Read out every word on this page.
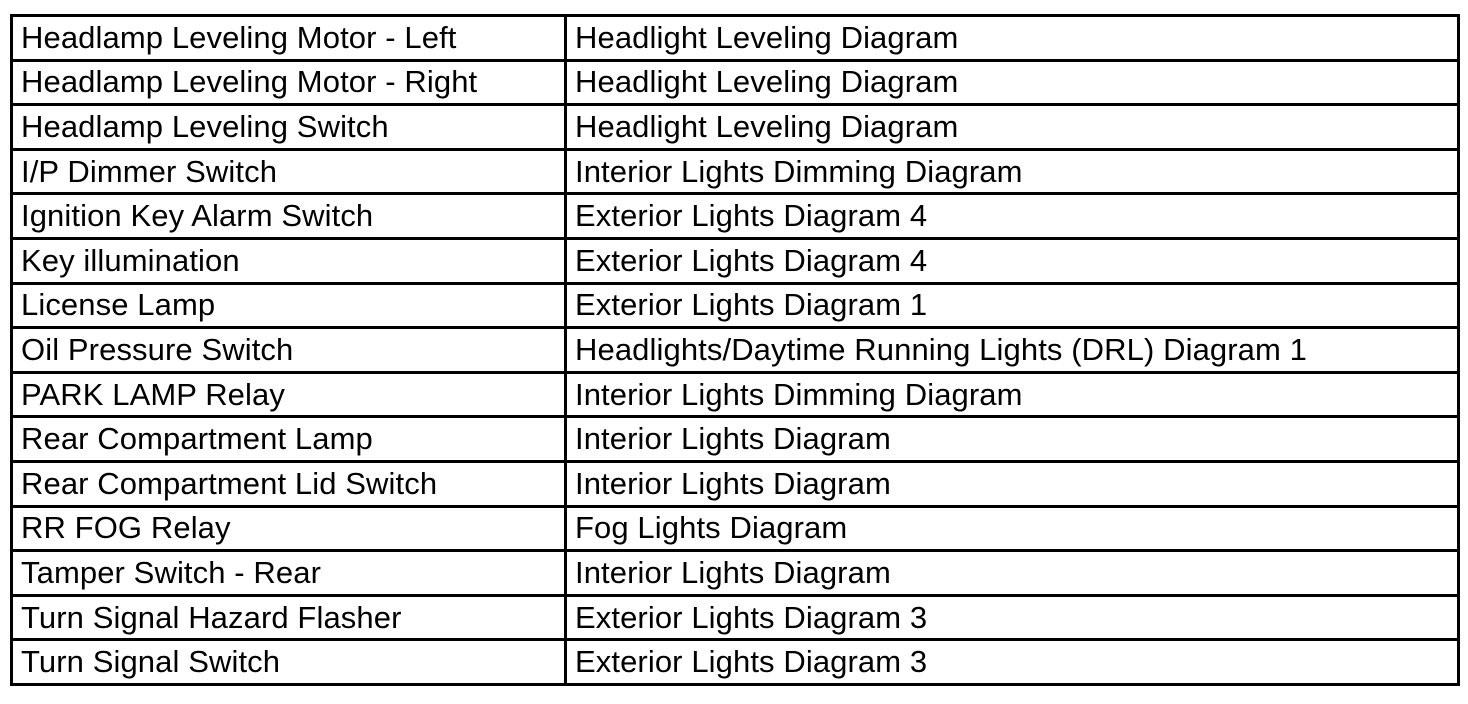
Headlamp Leveling Motor - Left	Headlight Leveling Diagram
Headlamp Leveling Motor - Right	Headlight Leveling Diagram
Headlamp Leveling Switch	Headlight Leveling Diagram
I/P Dimmer Switch	Interior Lights Dimming Diagram
Ignition Key Alarm Switch	Exterior Lights Diagram 4
Key illumination	Exterior Lights Diagram 4
License Lamp	Exterior Lights Diagram 1
Oil Pressure Switch	Headlights/Daytime Running Lights (DRL) Diagram 1
PARK LAMP Relay	Interior Lights Dimming Diagram
Rear Compartment Lamp	Interior Lights Diagram
Rear Compartment Lid Switch	Interior Lights Diagram
RR FOG Relay	Fog Lights Diagram
Tamper Switch - Rear	Interior Lights Diagram
Turn Signal Hazard Flasher	Exterior Lights Diagram 3
Turn Signal Switch	Exterior Lights Diagram 3
